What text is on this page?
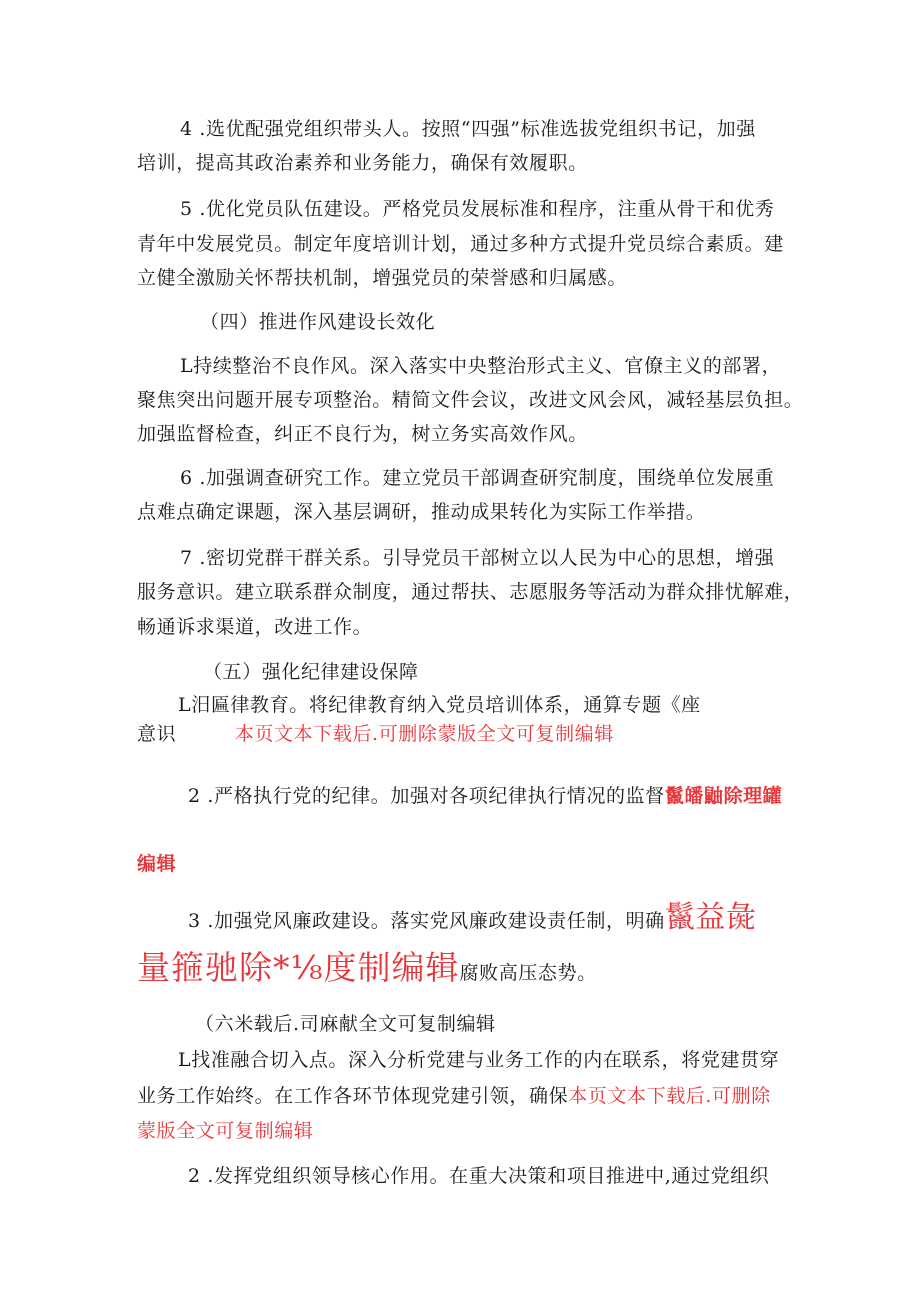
4 .选优配强党组织带头人。按照“四强”标准选拔党组织书记，加强
培训，提高其政治素养和业务能力，确保有效履职。
5 .优化党员队伍建设。严格党员发展标准和程序，注重从骨干和优秀
青年中发展党员。制定年度培训计划，通过多种方式提升党员综合素质。建
立健全激励关怀帮扶机制，增强党员的荣誉感和归属感。
（四）推进作风建设长效化
L持续整治不良作风。深入落实中央整治形式主义、官僚主义的部署，
聚焦突出问题开展专项整治。精简文件会议，改进文风会风，减轻基层负担。
加强监督检查，纠正不良行为，树立务实高效作风。
6 .加强调查研究工作。建立党员干部调查研究制度，围绕单位发展重
点难点确定课题，深入基层调研，推动成果转化为实际工作举措。
7 .密切党群干群关系。引导党员干部树立以人民为中心的思想，增强
服务意识。建立联系群众制度，通过帮扶、志愿服务等活动为群众排忧解难，
畅通诉求渠道，改进工作。
（五）强化纪律建设保障
L汨匾律教育。将纪律教育纳入党员培训体系，通算专题《座
意识	本页文本下载后.可删除蒙版全文可复制编辑
2 .严格执行党的纪律。加强对各项纪律执行情况的监督鬣皤鼬除理罐
编辑
3 .加强党风廉政建设。落实党风廉政建设责任制，明确鬣益彘
量箍驰除*⅛度制编辑腐败高压态势。
（六米载后.司麻献全文可复制编辑
L找准融合切入点。深入分析党建与业务工作的内在联系，将党建贯穿
业务工作始终。在工作各环节体现党建引领，确保本页文本下载后.可删除
蒙版全文可复制编辑
2 .发挥党组织领导核心作用。在重大决策和项目推进中,通过党组织
